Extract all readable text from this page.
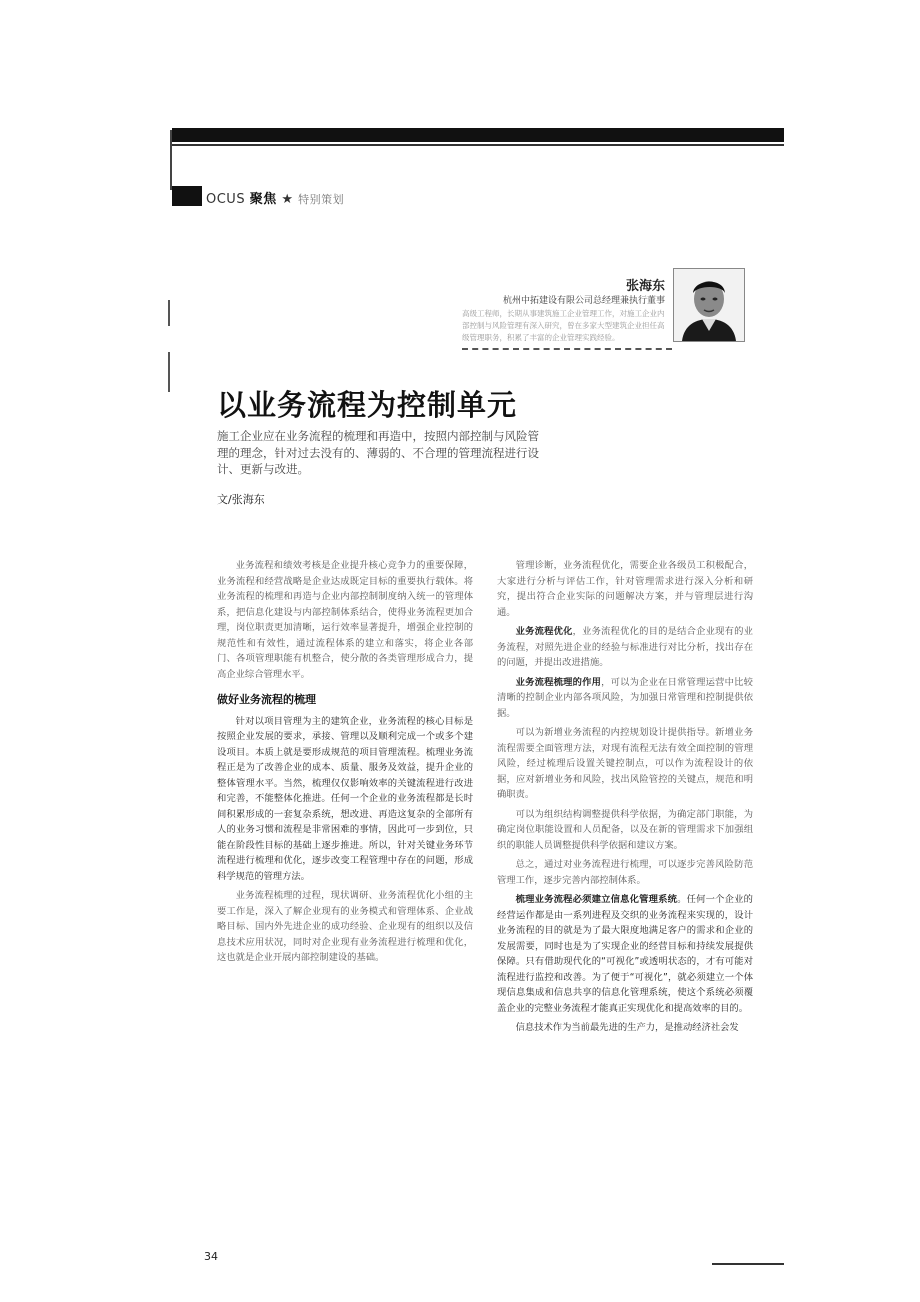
OCUS 聚焦 ★ 特别策划
张海东
杭州中拓建设有限公司总经理兼执行董事
高级工程师，长期从事建筑施工企业管理工作，对施工企业内部控制与风险管理有深入研究，曾在多家大型建筑企业担任高级管理职务，积累了丰富的企业管理实践经验。
以业务流程为控制单元
施工企业应在业务流程的梳理和再造中，按照内部控制与风险管理的理念，针对过去没有的、薄弱的、不合理的管理流程进行设计、更新与改进。
文/张海东

业务流程和绩效考核是企业提升核心竞争力的重要保障，业务流程和经营战略是企业达成既定目标的重要执行载体。将业务流程的梳理和再造与企业内部控制制度纳入统一的管理体系，把信息化建设与内部控制体系结合，使得业务流程更加合理，岗位职责更加清晰，运行效率显著提升，增强企业控制的规范性和有效性，通过流程体系的建立和落实，将企业各部门、各项管理职能有机整合，使分散的各类管理形成合力，提高企业综合管理水平。

做好业务流程的梳理

针对以项目管理为主的建筑企业，业务流程的核心目标是按照企业发展的要求，承接、管理以及顺利完成一个或多个建设项目。本质上就是要形成规范的项目管理流程。梳理业务流程正是为了改善企业的成本、质量、服务及效益，提升企业的整体管理水平。当然，梳理仅仅影响效率的关键流程进行改进和完善，不能整体化推进。任何一个企业的业务流程都是长时间积累形成的一套复杂系统，想改进、再造这复杂的全部所有人的业务习惯和流程是非常困难的事情，因此可一步到位，只能在阶段性目标的基础上逐步推进。所以，针对关键业务环节流程进行梳理和优化，逐步改变工程管理中存在的问题，形成科学规范的管理方法。

业务流程梳理的过程，现状调研、业务流程优化小组的主要工作是，深入了解企业现有的业务模式和管理体系、企业战略目标、国内外先进企业的成功经验、企业现有的组织以及信息技术应用状况，同时对企业现有业务流程进行梳理和优化，这也就是企业开展内部控制建设的基础。

管理诊断，业务流程优化，需要企业各级员工积极配合，大家进行分析与评估工作，针对管理需求进行深入分析和研究，提出符合企业实际的问题解决方案，并与管理层进行沟通。

业务流程优化，业务流程优化的目的是结合企业现有的业务流程，对照先进企业的经验与标准进行对比分析，找出存在的问题，并提出改进措施。

业务流程梳理的作用，可以为企业在日常管理运营中比较清晰的控制企业内部各项风险，为加强日常管理和控制提供依据。

可以为新增业务流程的内控规划设计提供指导。新增业务流程需要全面管理方法，对现有流程无法有效全面控制的管理风险，经过梳理后设置关键控制点，可以作为流程设计的依据，应对新增业务和风险，找出风险管控的关键点，规范和明确职责。

可以为组织结构调整提供科学依据，为确定部门职能，为确定岗位职能设置和人员配备，以及在新的管理需求下加强组织的职能人员调整提供科学依据和建议方案。

总之，通过对业务流程进行梳理，可以逐步完善风险防范管理工作，逐步完善内部控制体系。

梳理业务流程必须建立信息化管理系统。任何一个企业的经营运作都是由一系列进程及交织的业务流程来实现的，设计业务流程的目的就是为了最大限度地满足客户的需求和企业的发展需要，同时也是为了实现企业的经营目标和持续发展提供保障。只有借助现代化的“可视化”或透明状态的，才有可能对流程进行监控和改善。为了便于“可视化”，就必须建立一个体现信息集成和信息共享的信息化管理系统，使这个系统必须覆盖企业的完整业务流程才能真正实现优化和提高效率的目的。

信息技术作为当前最先进的生产力，是推动经济社会发

34
